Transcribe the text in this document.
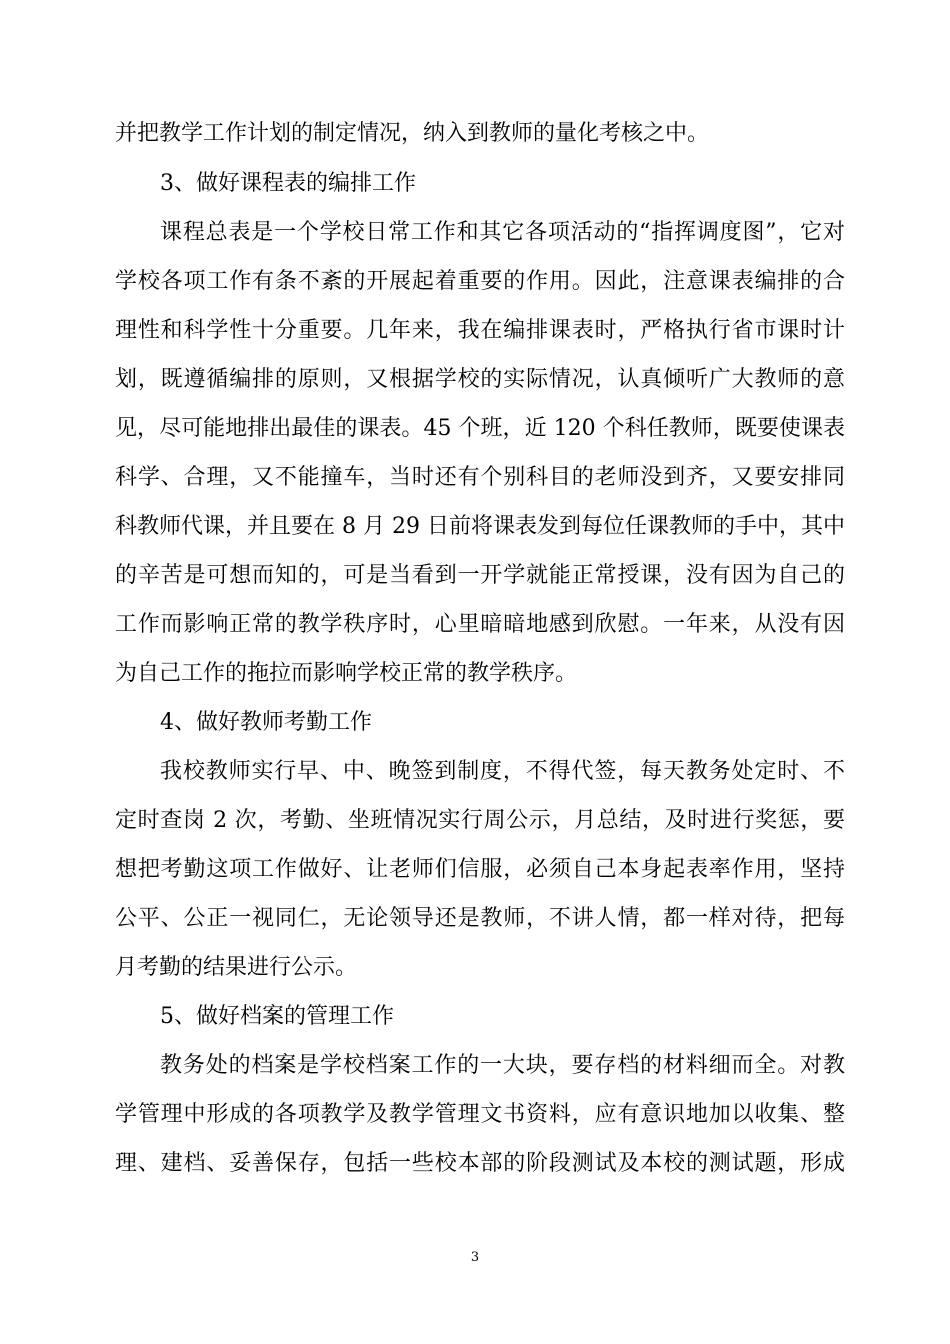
并把教学工作计划的制定情况，纳入到教师的量化考核之中。
3、做好课程表的编排工作
课程总表是一个学校日常工作和其它各项活动的“指挥调度图”，它对
学校各项工作有条不紊的开展起着重要的作用。因此，注意课表编排的合
理性和科学性十分重要。几年来，我在编排课表时，严格执行省市课时计
划，既遵循编排的原则，又根据学校的实际情况，认真倾听广大教师的意
见，尽可能地排出最佳的课表。45 个班，近 120 个科任教师，既要使课表
科学、合理，又不能撞车，当时还有个别科目的老师没到齐，又要安排同
科教师代课，并且要在 8 月 29 日前将课表发到每位任课教师的手中，其中
的辛苦是可想而知的，可是当看到一开学就能正常授课，没有因为自己的
工作而影响正常的教学秩序时，心里暗暗地感到欣慰。一年来，从没有因
为自己工作的拖拉而影响学校正常的教学秩序。
4、做好教师考勤工作
我校教师实行早、中、晚签到制度，不得代签，每天教务处定时、不
定时查岗 2 次，考勤、坐班情况实行周公示，月总结，及时进行奖惩，要
想把考勤这项工作做好、让老师们信服，必须自己本身起表率作用，坚持
公平、公正一视同仁，无论领导还是教师，不讲人情，都一样对待，把每
月考勤的结果进行公示。
5、做好档案的管理工作
教务处的档案是学校档案工作的一大块，要存档的材料细而全。对教
学管理中形成的各项教学及教学管理文书资料，应有意识地加以收集、整
理、建档、妥善保存，包括一些校本部的阶段测试及本校的测试题，形成
3
